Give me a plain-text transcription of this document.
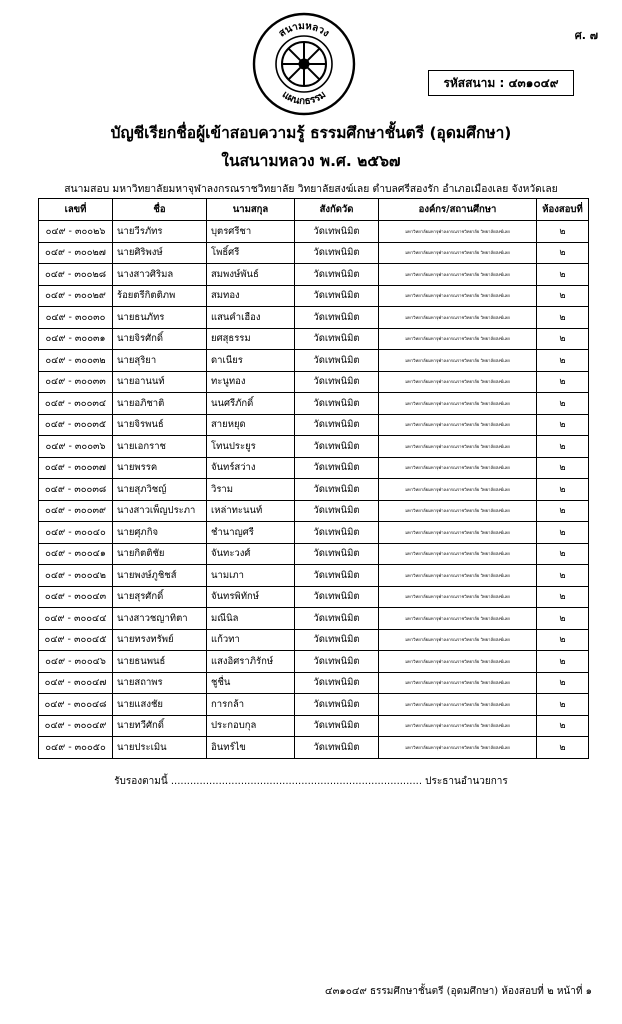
ศ. ๗
สนามหลวง
แผนกธรรม
รหัสสนาม : ๔๓๑๐๔๙
บัญชีเรียกชื่อผู้เข้าสอบความรู้ ธรรมศึกษาชั้นตรี (อุดมศึกษา)
ในสนามหลวง พ.ศ. ๒๕๖๗
สนามสอบ มหาวิทยาลัยมหาจุฬาลงกรณราชวิทยาลัย วิทยาลัยสงฆ์เลย ตำบลศรีสองรัก อำเภอเมืองเลย จังหวัดเลย
เลขที่	ชื่อ	นามสกุล	สังกัดวัด	องค์กร/สถานศึกษา	ห้องสอบที่
๐๔๙ - ๓๐๐๒๖	นายวีรภัทร	บุตรศรีชา	วัดเทพนิมิต	มหาวิทยาลัยมหาจุฬาลงกรณราชวิทยาลัย วิทยาลัยสงฆ์เลย	๒
๐๔๙ - ๓๐๐๒๗	นายศิริพงษ์	โพธิ์ศรี	วัดเทพนิมิต	มหาวิทยาลัยมหาจุฬาลงกรณราชวิทยาลัย วิทยาลัยสงฆ์เลย	๒
๐๔๙ - ๓๐๐๒๘	นางสาวศิริมล	สมพงษ์พันธ์	วัดเทพนิมิต	มหาวิทยาลัยมหาจุฬาลงกรณราชวิทยาลัย วิทยาลัยสงฆ์เลย	๒
๐๔๙ - ๓๐๐๒๙	ร้อยตรีกิตติภพ	สมทอง	วัดเทพนิมิต	มหาวิทยาลัยมหาจุฬาลงกรณราชวิทยาลัย วิทยาลัยสงฆ์เลย	๒
๐๔๙ - ๓๐๐๓๐	นายธนภัทร	แสนคำเฮือง	วัดเทพนิมิต	มหาวิทยาลัยมหาจุฬาลงกรณราชวิทยาลัย วิทยาลัยสงฆ์เลย	๒
๐๔๙ - ๓๐๐๓๑	นายจิรศักดิ์	ยศสุธรรม	วัดเทพนิมิต	มหาวิทยาลัยมหาจุฬาลงกรณราชวิทยาลัย วิทยาลัยสงฆ์เลย	๒
๐๔๙ - ๓๐๐๓๒	นายสุริยา	ดาเนียร	วัดเทพนิมิต	มหาวิทยาลัยมหาจุฬาลงกรณราชวิทยาลัย วิทยาลัยสงฆ์เลย	๒
๐๔๙ - ๓๐๐๓๓	นายอานนท์	ทะนูทอง	วัดเทพนิมิต	มหาวิทยาลัยมหาจุฬาลงกรณราชวิทยาลัย วิทยาลัยสงฆ์เลย	๒
๐๔๙ - ๓๐๐๓๔	นายอภิชาติ	นนศรีภักดิ์	วัดเทพนิมิต	มหาวิทยาลัยมหาจุฬาลงกรณราชวิทยาลัย วิทยาลัยสงฆ์เลย	๒
๐๔๙ - ๓๐๐๓๕	นายจิรพนธ์	สายหยุด	วัดเทพนิมิต	มหาวิทยาลัยมหาจุฬาลงกรณราชวิทยาลัย วิทยาลัยสงฆ์เลย	๒
๐๔๙ - ๓๐๐๓๖	นายเอกราช	โทนประยูร	วัดเทพนิมิต	มหาวิทยาลัยมหาจุฬาลงกรณราชวิทยาลัย วิทยาลัยสงฆ์เลย	๒
๐๔๙ - ๓๐๐๓๗	นายพรรค	จันทร์สว่าง	วัดเทพนิมิต	มหาวิทยาลัยมหาจุฬาลงกรณราชวิทยาลัย วิทยาลัยสงฆ์เลย	๒
๐๔๙ - ๓๐๐๓๘	นายสุภวิชญ์	วิราม	วัดเทพนิมิต	มหาวิทยาลัยมหาจุฬาลงกรณราชวิทยาลัย วิทยาลัยสงฆ์เลย	๒
๐๔๙ - ๓๐๐๓๙	นางสาวเพ็ญประภา	เหล่าทะนนท์	วัดเทพนิมิต	มหาวิทยาลัยมหาจุฬาลงกรณราชวิทยาลัย วิทยาลัยสงฆ์เลย	๒
๐๔๙ - ๓๐๐๔๐	นายศุภกิจ	ชำนาญศรี	วัดเทพนิมิต	มหาวิทยาลัยมหาจุฬาลงกรณราชวิทยาลัย วิทยาลัยสงฆ์เลย	๒
๐๔๙ - ๓๐๐๔๑	นายกิตติชัย	จันทะวงศ์	วัดเทพนิมิต	มหาวิทยาลัยมหาจุฬาลงกรณราชวิทยาลัย วิทยาลัยสงฆ์เลย	๒
๐๔๙ - ๓๐๐๔๒	นายพงษ์ภูชิชส์	นามเภา	วัดเทพนิมิต	มหาวิทยาลัยมหาจุฬาลงกรณราชวิทยาลัย วิทยาลัยสงฆ์เลย	๒
๐๔๙ - ๓๐๐๔๓	นายสุรศักดิ์	จันทรพิทักษ์	วัดเทพนิมิต	มหาวิทยาลัยมหาจุฬาลงกรณราชวิทยาลัย วิทยาลัยสงฆ์เลย	๒
๐๔๙ - ๓๐๐๔๔	นางสาวชญาทิตา	มณีนิล	วัดเทพนิมิต	มหาวิทยาลัยมหาจุฬาลงกรณราชวิทยาลัย วิทยาลัยสงฆ์เลย	๒
๐๔๙ - ๓๐๐๔๕	นายทรงทรัพย์	แก้วทา	วัดเทพนิมิต	มหาวิทยาลัยมหาจุฬาลงกรณราชวิทยาลัย วิทยาลัยสงฆ์เลย	๒
๐๔๙ - ๓๐๐๔๖	นายธนพนธ์	แสงอิศราภิรักษ์	วัดเทพนิมิต	มหาวิทยาลัยมหาจุฬาลงกรณราชวิทยาลัย วิทยาลัยสงฆ์เลย	๒
๐๔๙ - ๓๐๐๔๗	นายสถาพร	ชูชื่น	วัดเทพนิมิต	มหาวิทยาลัยมหาจุฬาลงกรณราชวิทยาลัย วิทยาลัยสงฆ์เลย	๒
๐๔๙ - ๓๐๐๔๘	นายแสงชัย	การกล้า	วัดเทพนิมิต	มหาวิทยาลัยมหาจุฬาลงกรณราชวิทยาลัย วิทยาลัยสงฆ์เลย	๒
๐๔๙ - ๓๐๐๔๙	นายทวีศักดิ์	ประกอบกุล	วัดเทพนิมิต	มหาวิทยาลัยมหาจุฬาลงกรณราชวิทยาลัย วิทยาลัยสงฆ์เลย	๒
๐๔๙ - ๓๐๐๕๐	นายประเมิน	อินทร์ไข	วัดเทพนิมิต	มหาวิทยาลัยมหาจุฬาลงกรณราชวิทยาลัย วิทยาลัยสงฆ์เลย	๒
รับรองตามนี้ ............................................................................... ประธานอำนวยการ
๔๓๑๐๔๙ ธรรมศึกษาชั้นตรี (อุดมศึกษา) ห้องสอบที่ ๒ หน้าที่ ๑
